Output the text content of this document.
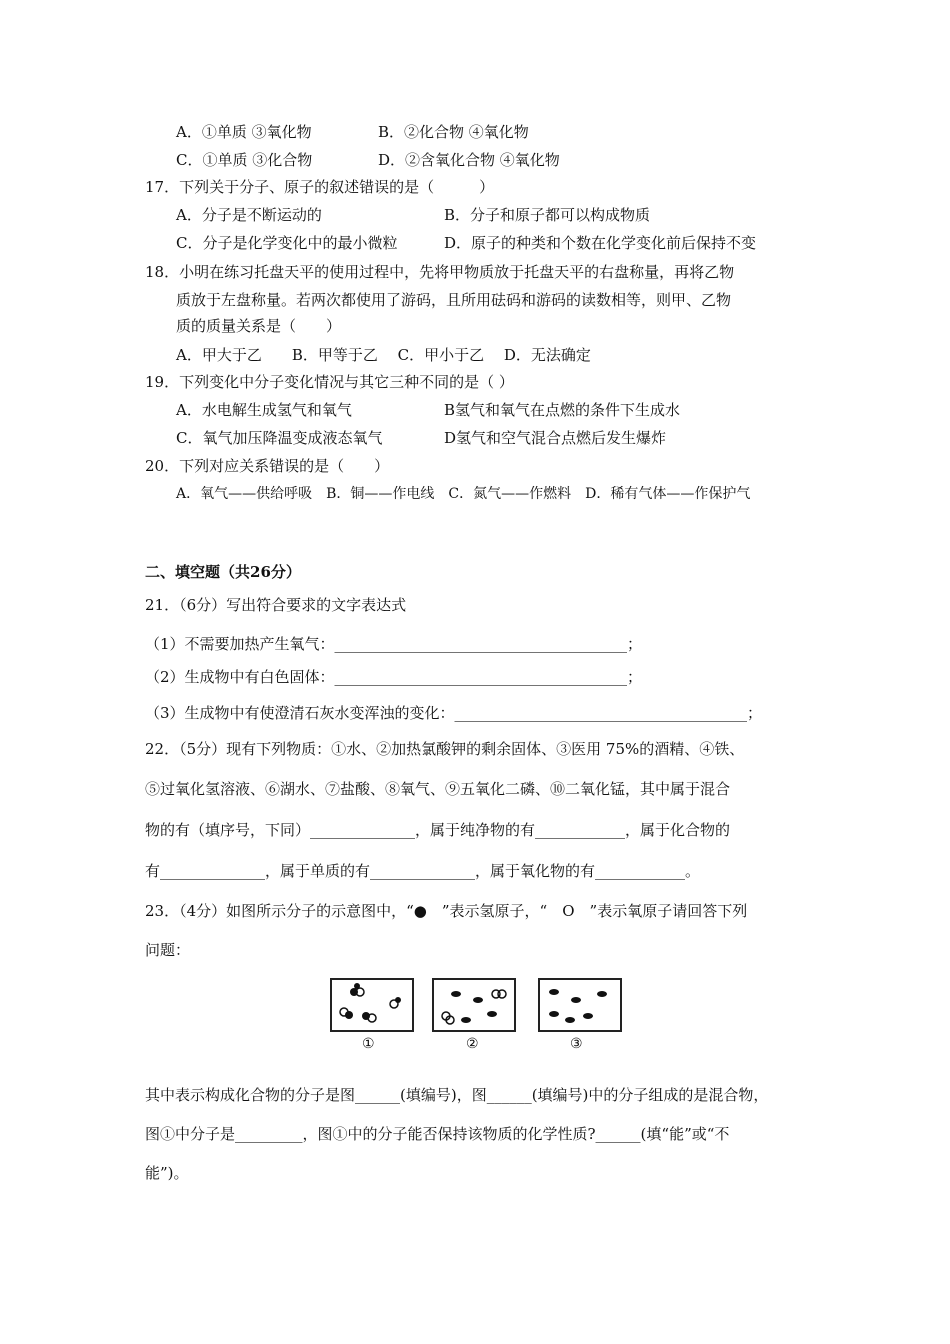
A．①单质 ③氧化物	B．②化合物 ④氧化物
C．①单质 ③化合物	D．②含氧化合物 ④氧化物
17．下列关于分子、原子的叙述错误的是（　　　）
A．分子是不断运动的	B．分子和原子都可以构成物质
C．分子是化学变化中的最小微粒	D．原子的种类和个数在化学变化前后保持不变
18．小明在练习托盘天平的使用过程中，先将甲物质放于托盘天平的右盘称量，再将乙物
质放于左盘称量。若两次都使用了游码，且所用砝码和游码的读数相等，则甲、乙物
质的质量关系是（　　）
A．甲大于乙　　B．甲等于乙　 C．甲小于乙　 D．无法确定
19．下列变化中分子变化情况与其它三种不同的是（ ）
A．水电解生成氢气和氧气	B氢气和氧气在点燃的条件下生成水
C．氧气加压降温变成液态氧气	D氢气和空气混合点燃后发生爆炸
20．下列对应关系错误的是（　　）
A．氧气——供给呼吸　B．铜——作电线　C．氮气——作燃料　D．稀有气体——作保护气
二、填空题（共26分）
21．（6分）写出符合要求的文字表达式
（1）不需要加热产生氧气：_______________________________________；
（2）生成物中有白色固体：_______________________________________；
（3）生成物中有使澄清石灰水变浑浊的变化：_______________________________________；
22．（5分）现有下列物质：①水、②加热氯酸钾的剩余固体、③医用 75%的酒精、④铁、
⑤过氧化氢溶液、⑥湖水、⑦盐酸、⑧氧气、⑨五氧化二磷、⑩二氧化锰，其中属于混合
物的有（填序号，下同）______________，属于纯净物的有____________，属于化合物的
有______________，属于单质的有______________，属于氧化物的有____________。
23．（4分）如图所示分子的示意图中，“●　”表示氢原子，“　O　”表示氧原子请回答下列
问题：
①	②	③
其中表示构成化合物的分子是图______(填编号)，图______(填编号)中的分子组成的是混合物，
图①中分子是_________，图①中的分子能否保持该物质的化学性质?______(填“能”或“不
能”)。
